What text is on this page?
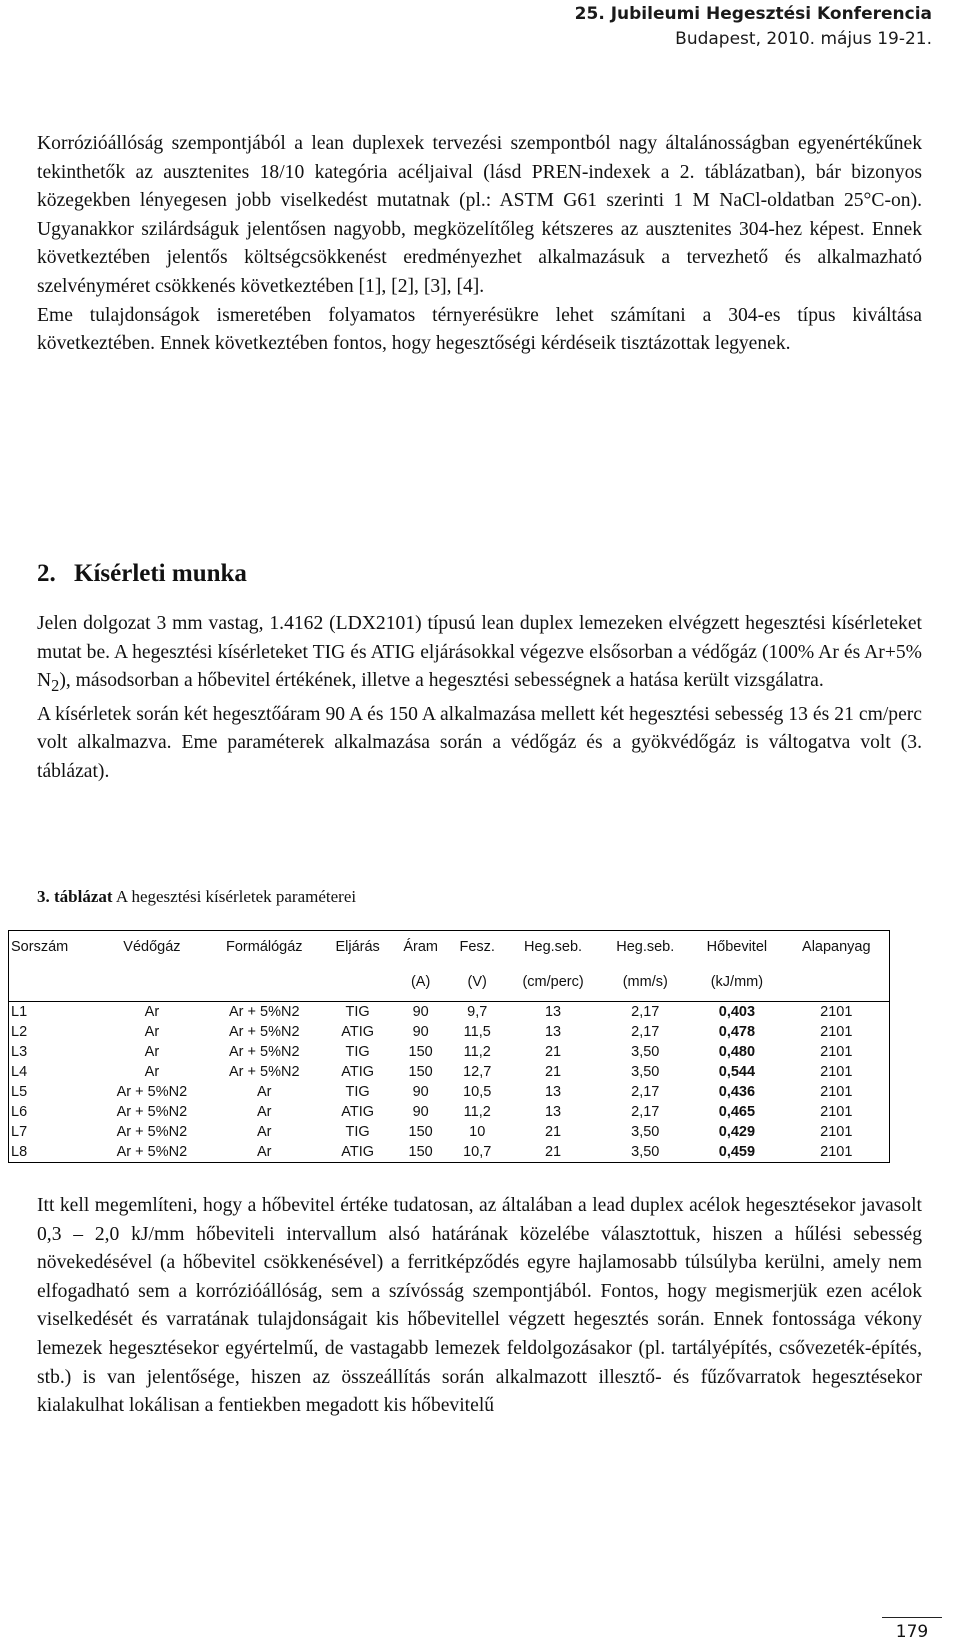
25. Jubileumi Hegesztési Konferencia
Budapest, 2010. május 19-21.

Korrózióállóság szempontjából a lean duplexek tervezési szempontból nagy általánosságban egyenértékűnek tekinthetők az ausztenites 18/10 kategória acéljaival (lásd PREN-indexek a 2. táblázatban), bár bizonyos közegekben lényegesen jobb viselkedést mutatnak (pl.: ASTM G61 szerinti 1 M NaCl-oldatban 25°C-on). Ugyanakkor szilárdságuk jelentősen nagyobb, megközelítőleg kétszeres az ausztenites 304-hez képest. Ennek következtében jelentős költségcsökkenést eredményezhet alkalmazásuk a tervezhető és alkalmazható szelvényméret csökkenés következtében [1], [2], [3], [4].

Eme tulajdonságok ismeretében folyamatos térnyerésükre lehet számítani a 304-es típus kiváltása következtében. Ennek következtében fontos, hogy hegesztőségi kérdéseik tisztázottak legyenek.

2. Kísérleti munka

Jelen dolgozat 3 mm vastag, 1.4162 (LDX2101) típusú lean duplex lemezeken elvégzett hegesztési kísérleteket mutat be. A hegesztési kísérleteket TIG és ATIG eljárásokkal végezve elsősorban a védőgáz (100% Ar és Ar+5% $N_2$), másodsorban a hőbevitel értékének, illetve a hegesztési sebességnek a hatása került vizsgálatra.

A kísérletek során két hegesztőáram 90 A és 150 A alkalmazása mellett két hegesztési sebesség 13 és 21 cm/perc volt alkalmazva. Eme paraméterek alkalmazása során a védőgáz és a gyökvédőgáz is váltogatva volt (3. táblázat).

3. táblázat A hegesztési kísérletek paraméterei
Sorszám	Védőgáz	Formálógáz	Eljárás	Áram	Fesz.	Heg.seb.	Heg.seb.	Hőbevitel	Alapanyag
				(A)	(V)	(cm/perc)	(mm/s)	(kJ/mm)	
L1	Ar	Ar + 5%N2	TIG	90	9,7	13	2,17	0,403	2101
L2	Ar	Ar + 5%N2	ATIG	90	11,5	13	2,17	0,478	2101
L3	Ar	Ar + 5%N2	TIG	150	11,2	21	3,50	0,480	2101
L4	Ar	Ar + 5%N2	ATIG	150	12,7	21	3,50	0,544	2101
L5	Ar + 5%N2	Ar	TIG	90	10,5	13	2,17	0,436	2101
L6	Ar + 5%N2	Ar	ATIG	90	11,2	13	2,17	0,465	2101
L7	Ar + 5%N2	Ar	TIG	150	10	21	3,50	0,429	2101
L8	Ar + 5%N2	Ar	ATIG	150	10,7	21	3,50	0,459	2101

Itt kell megemlíteni, hogy a hőbevitel értéke tudatosan, az általában a lead duplex acélok hegesztésekor javasolt 0,3 – 2,0 kJ/mm hőbeviteli intervallum alsó határának közelébe választottuk, hiszen a hűlési sebesség növekedésével (a hőbevitel csökkenésével) a ferritképződés egyre hajlamosabb túlsúlyba kerülni, amely nem elfogadható sem a korrózióállóság, sem a szívósság szempontjából. Fontos, hogy megismerjük ezen acélok viselkedését és varratának tulajdonságait kis hőbevitellel végzett hegesztés során. Ennek fontossága vékony lemezek hegesztésekor egyértelmű, de vastagabb lemezek feldolgozásakor (pl. tartályépítés, csővezeték-építés, stb.) is van jelentősége, hiszen az összeállítás során alkalmazott illesztő- és fűzővarratok hegesztésekor kialakulhat lokálisan a fentiekben megadott kis hőbevitelű

179
